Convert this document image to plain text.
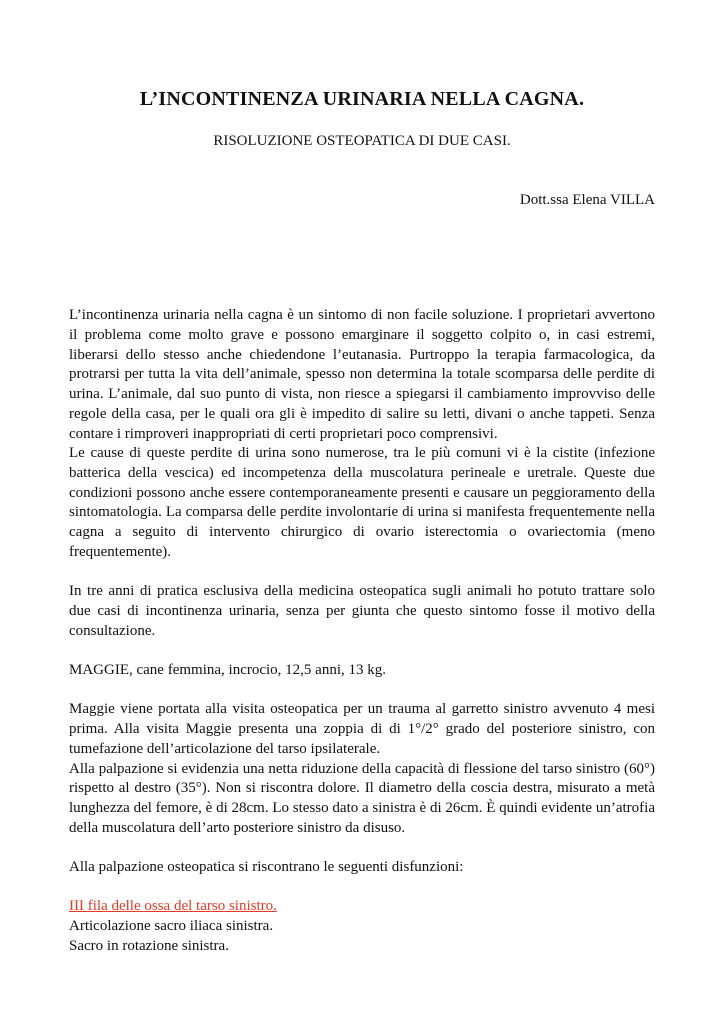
L’INCONTINENZA URINARIA NELLA CAGNA.
RISOLUZIONE OSTEOPATICA DI DUE CASI.
Dott.ssa Elena VILLA

L’incontinenza urinaria nella cagna è un sintomo di non facile soluzione. I proprietari avvertono il problema come molto grave e possono emarginare il soggetto colpito o, in casi estremi, liberarsi dello stesso anche chiedendone l’eutanasia. Purtroppo la terapia farmacologica, da protrarsi per tutta la vita dell’animale, spesso non determina la totale scomparsa delle perdite di urina. L’animale, dal suo punto di vista, non riesce a spiegarsi il cambiamento improvviso delle regole della casa, per le quali ora gli è impedito di salire su letti, divani o anche tappeti. Senza contare i rimproveri inappropriati di certi proprietari poco comprensivi.

Le cause di queste perdite di urina sono numerose, tra le più comuni vi è la cistite (infezione batterica della vescica) ed incompetenza della muscolatura perineale e uretrale. Queste due condizioni possono anche essere contemporaneamente presenti e causare un peggioramento della sintomatologia. La comparsa delle perdite involontarie di urina si manifesta frequentemente nella cagna a seguito di intervento chirurgico di ovario isterectomia o ovariectomia (meno frequentemente).

In tre anni di pratica esclusiva della medicina osteopatica sugli animali ho potuto trattare solo due casi di incontinenza urinaria, senza per giunta che questo sintomo fosse il motivo della consultazione.

MAGGIE, cane femmina, incrocio, 12,5 anni, 13 kg.

Maggie viene portata alla visita osteopatica per un trauma al garretto sinistro avvenuto 4 mesi prima. Alla visita Maggie presenta una zoppia di di 1°/2° grado del posteriore sinistro, con tumefazione dell’articolazione del tarso ipsilaterale.

Alla palpazione si evidenzia una netta riduzione della capacità di flessione del tarso sinistro (60°) rispetto al destro (35°). Non si riscontra dolore. Il diametro della coscia destra, misurato a metà lunghezza del femore, è di 28cm. Lo stesso dato a sinistra è di 26cm. È quindi evidente un’atrofia della muscolatura dell’arto posteriore sinistro da disuso.

Alla palpazione osteopatica si riscontrano le seguenti disfunzioni:

III fila delle ossa del tarso sinistro.

Articolazione sacro iliaca sinistra.

Sacro in rotazione sinistra.
